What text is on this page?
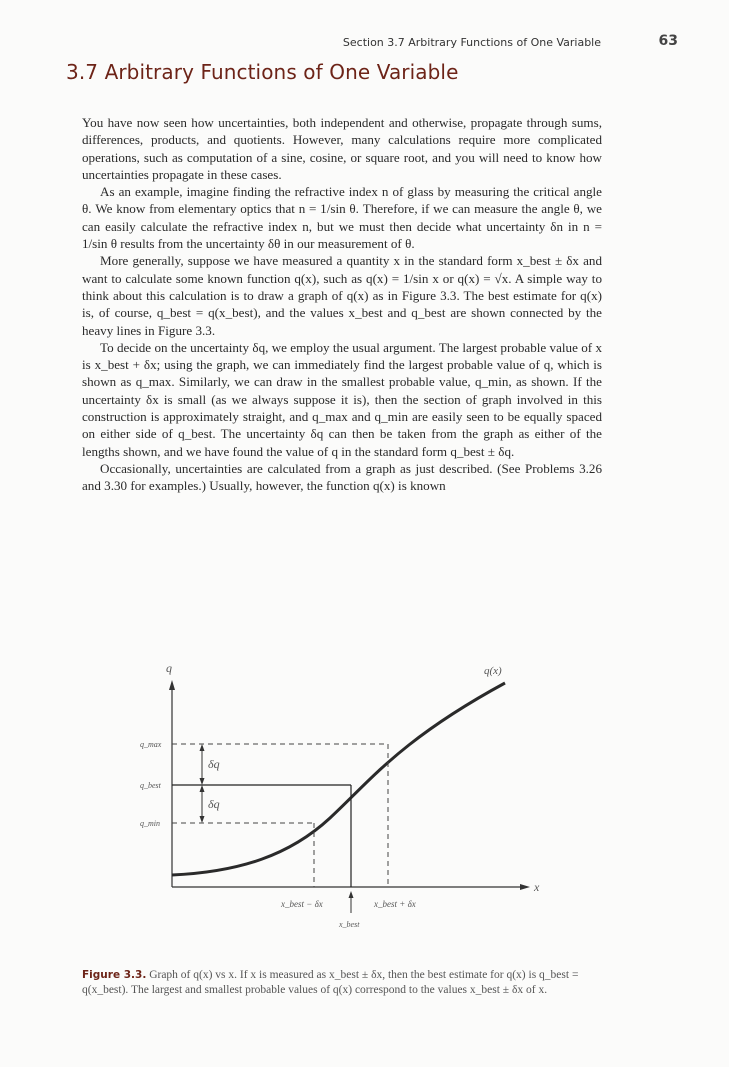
Section 3.7 Arbitrary Functions of One Variable	63
3.7 Arbitrary Functions of One Variable

You have now seen how uncertainties, both independent and otherwise, propagate through sums, differences, products, and quotients. However, many calculations require more complicated operations, such as computation of a sine, cosine, or square root, and you will need to know how uncertainties propagate in these cases.

As an example, imagine finding the refractive index n of glass by measuring the critical angle θ. We know from elementary optics that n = 1/sin θ. Therefore, if we can measure the angle θ, we can easily calculate the refractive index n, but we must then decide what uncertainty δn in n = 1/sin θ results from the uncertainty δθ in our measurement of θ.

More generally, suppose we have measured a quantity x in the standard form x_best ± δx and want to calculate some known function q(x), such as q(x) = 1/sin x or q(x) = √x. A simple way to think about this calculation is to draw a graph of q(x) as in Figure 3.3. The best estimate for q(x) is, of course, q_best = q(x_best), and the values x_best and q_best are shown connected by the heavy lines in Figure 3.3.

To decide on the uncertainty δq, we employ the usual argument. The largest probable value of x is x_best + δx; using the graph, we can immediately find the largest probable value of q, which is shown as q_max. Similarly, we can draw in the smallest probable value, q_min, as shown. If the uncertainty δx is small (as we always suppose it is), then the section of graph involved in this construction is approximately straight, and q_max and q_min are easily seen to be equally spaced on either side of q_best. The uncertainty δq can then be taken from the graph as either of the lengths shown, and we have found the value of q in the standard form q_best ± δq.

Occasionally, uncertainties are calculated from a graph as just described. (See Problems 3.26 and 3.30 for examples.) Usually, however, the function q(x) is known

q
x
q(x)
q_max
q_best
q_min
δq
δq
x_best − δx	x_best + δx
x_best
Figure 3.3. Graph of q(x) vs x. If x is measured as x_best ± δx, then the best estimate for q(x) is q_best = q(x_best). The largest and smallest probable values of q(x) correspond to the values x_best ± δx of x.
